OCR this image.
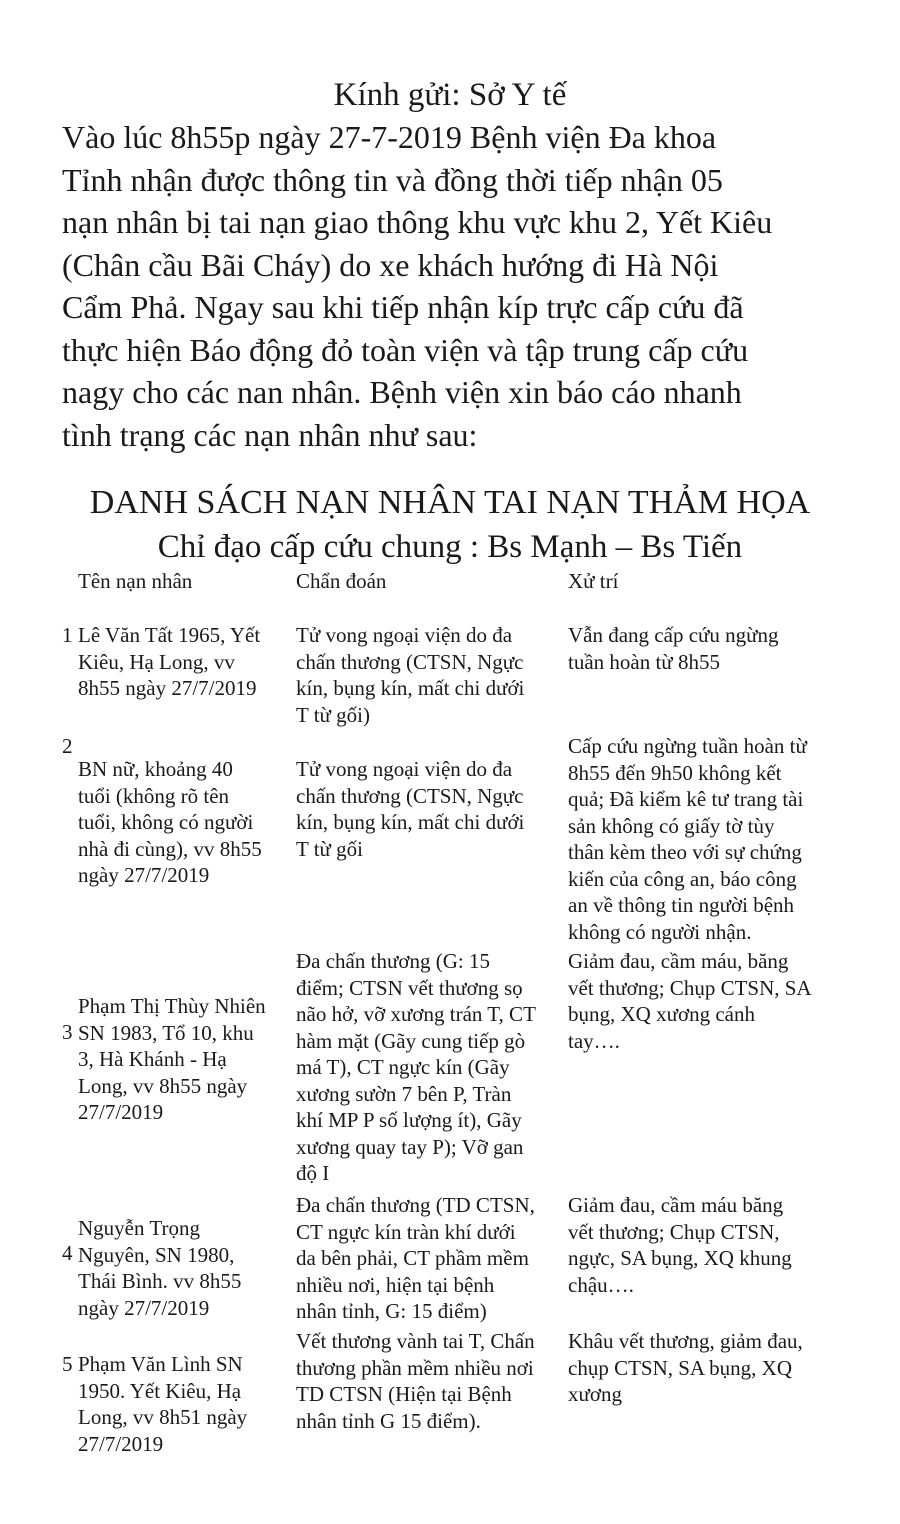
Kính gửi: Sở Y tế
Vào lúc 8h55p ngày 27-7-2019 Bệnh viện Đa khoa
Tỉnh nhận được thông tin và đồng thời tiếp nhận 05
nạn nhân bị tai nạn giao thông khu vực khu 2, Yết Kiêu
(Chân cầu Bãi Cháy) do xe khách hướng đi Hà Nội
Cẩm Phả. Ngay sau khi tiếp nhận kíp trực cấp cứu đã
thực hiện Báo động đỏ toàn viện và tập trung cấp cứu
nagy cho các nan nhân. Bệnh viện xin báo cáo nhanh
tình trạng các nạn nhân như sau:
DANH SÁCH NẠN NHÂN TAI NẠN THẢM HỌA
Chỉ đạo cấp cứu chung : Bs Mạnh – Bs Tiến
Tên nạn nhân	Chẩn đoán	Xử trí
1 Lê Văn Tất 1965, Yết
Kiêu, Hạ Long, vv
8h55 ngày 27/7/2019
Tử vong ngoại viện do đa
chấn thương (CTSN, Ngực
kín, bụng kín, mất chi dưới
T từ gối)
Vẫn đang cấp cứu ngừng
tuần hoàn từ 8h55
2
BN nữ, khoảng 40
tuổi (không rõ tên
tuổi, không có người
nhà đi cùng), vv 8h55
ngày 27/7/2019
Tử vong ngoại viện do đa
chấn thương (CTSN, Ngực
kín, bụng kín, mất chi dưới
T từ gối
Cấp cứu ngừng tuần hoàn từ
8h55 đến 9h50 không kết
quả; Đã kiểm kê tư trang tài
sản không có giấy tờ tùy
thân kèm theo với sự chứng
kiến của công an, báo công
an về thông tin người bệnh
không có người nhận.
3
Phạm Thị Thùy Nhiên
SN 1983, Tổ 10, khu
3, Hà Khánh - Hạ
Long, vv 8h55 ngày
27/7/2019
Đa chấn thương (G: 15
điểm; CTSN vết thương sọ
não hở, vỡ xương trán T, CT
hàm mặt (Gãy cung tiếp gò
má T), CT ngực kín (Gãy
xương sườn 7 bên P, Tràn
khí MP P số lượng ít), Gãy
xương quay tay P); Vỡ gan
độ I
Giảm đau, cầm máu, băng
vết thương; Chụp CTSN, SA
bụng, XQ xương cánh
tay….
4
Nguyễn Trọng
Nguyên, SN 1980,
Thái Bình. vv 8h55
ngày 27/7/2019
Đa chấn thương (TD CTSN,
CT ngực kín tràn khí dưới
da bên phải, CT phầm mềm
nhiều nơi, hiện tại bệnh
nhân tỉnh, G: 15 điểm)
Giảm đau, cầm máu băng
vết thương; Chụp CTSN,
ngực, SA bụng, XQ khung
chậu….
5 Phạm Văn Lình SN
1950. Yết Kiêu, Hạ
Long, vv 8h51 ngày
27/7/2019
Vết thương vành tai T, Chấn
thương phần mềm nhiều nơi
TD CTSN (Hiện tại Bệnh
nhân tỉnh G 15 điểm).
Khâu vết thương, giảm đau,
chụp CTSN, SA bụng, XQ
xương
